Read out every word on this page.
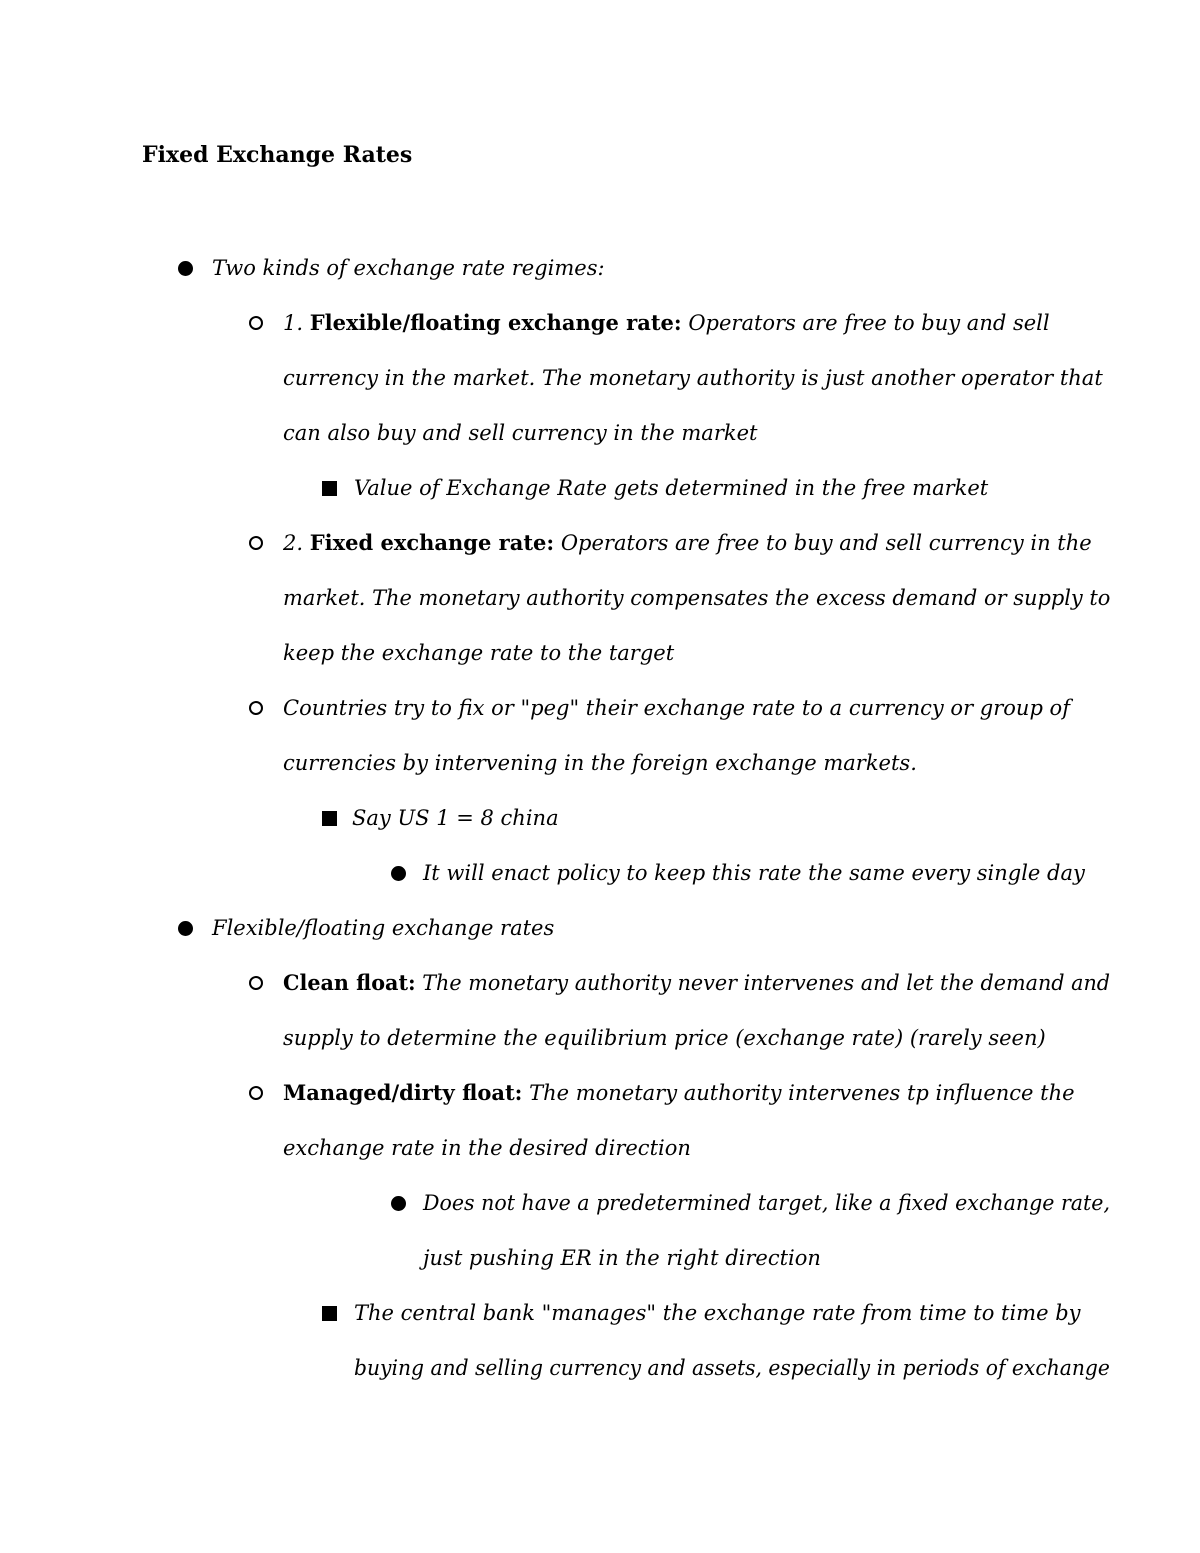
Fixed Exchange Rates
Two kinds of exchange rate regimes:
1. Flexible/floating exchange rate: Operators are free to buy and sell
currency in the market. The monetary authority is just another operator that
can also buy and sell currency in the market
Value of Exchange Rate gets determined in the free market
2. Fixed exchange rate: Operators are free to buy and sell currency in the
market. The monetary authority compensates the excess demand or supply to
keep the exchange rate to the target
Countries try to fix or "peg" their exchange rate to a currency or group of
currencies by intervening in the foreign exchange markets.
Say US 1 = 8 china
It will enact policy to keep this rate the same every single day
Flexible/floating exchange rates
Clean float: The monetary authority never intervenes and let the demand and
supply to determine the equilibrium price (exchange rate) (rarely seen)
Managed/dirty float: The monetary authority intervenes tp influence the
exchange rate in the desired direction
Does not have a predetermined target, like a fixed exchange rate,
just pushing ER in the right direction
The central bank "manages" the exchange rate from time to time by
buying and selling currency and assets, especially in periods of exchange
